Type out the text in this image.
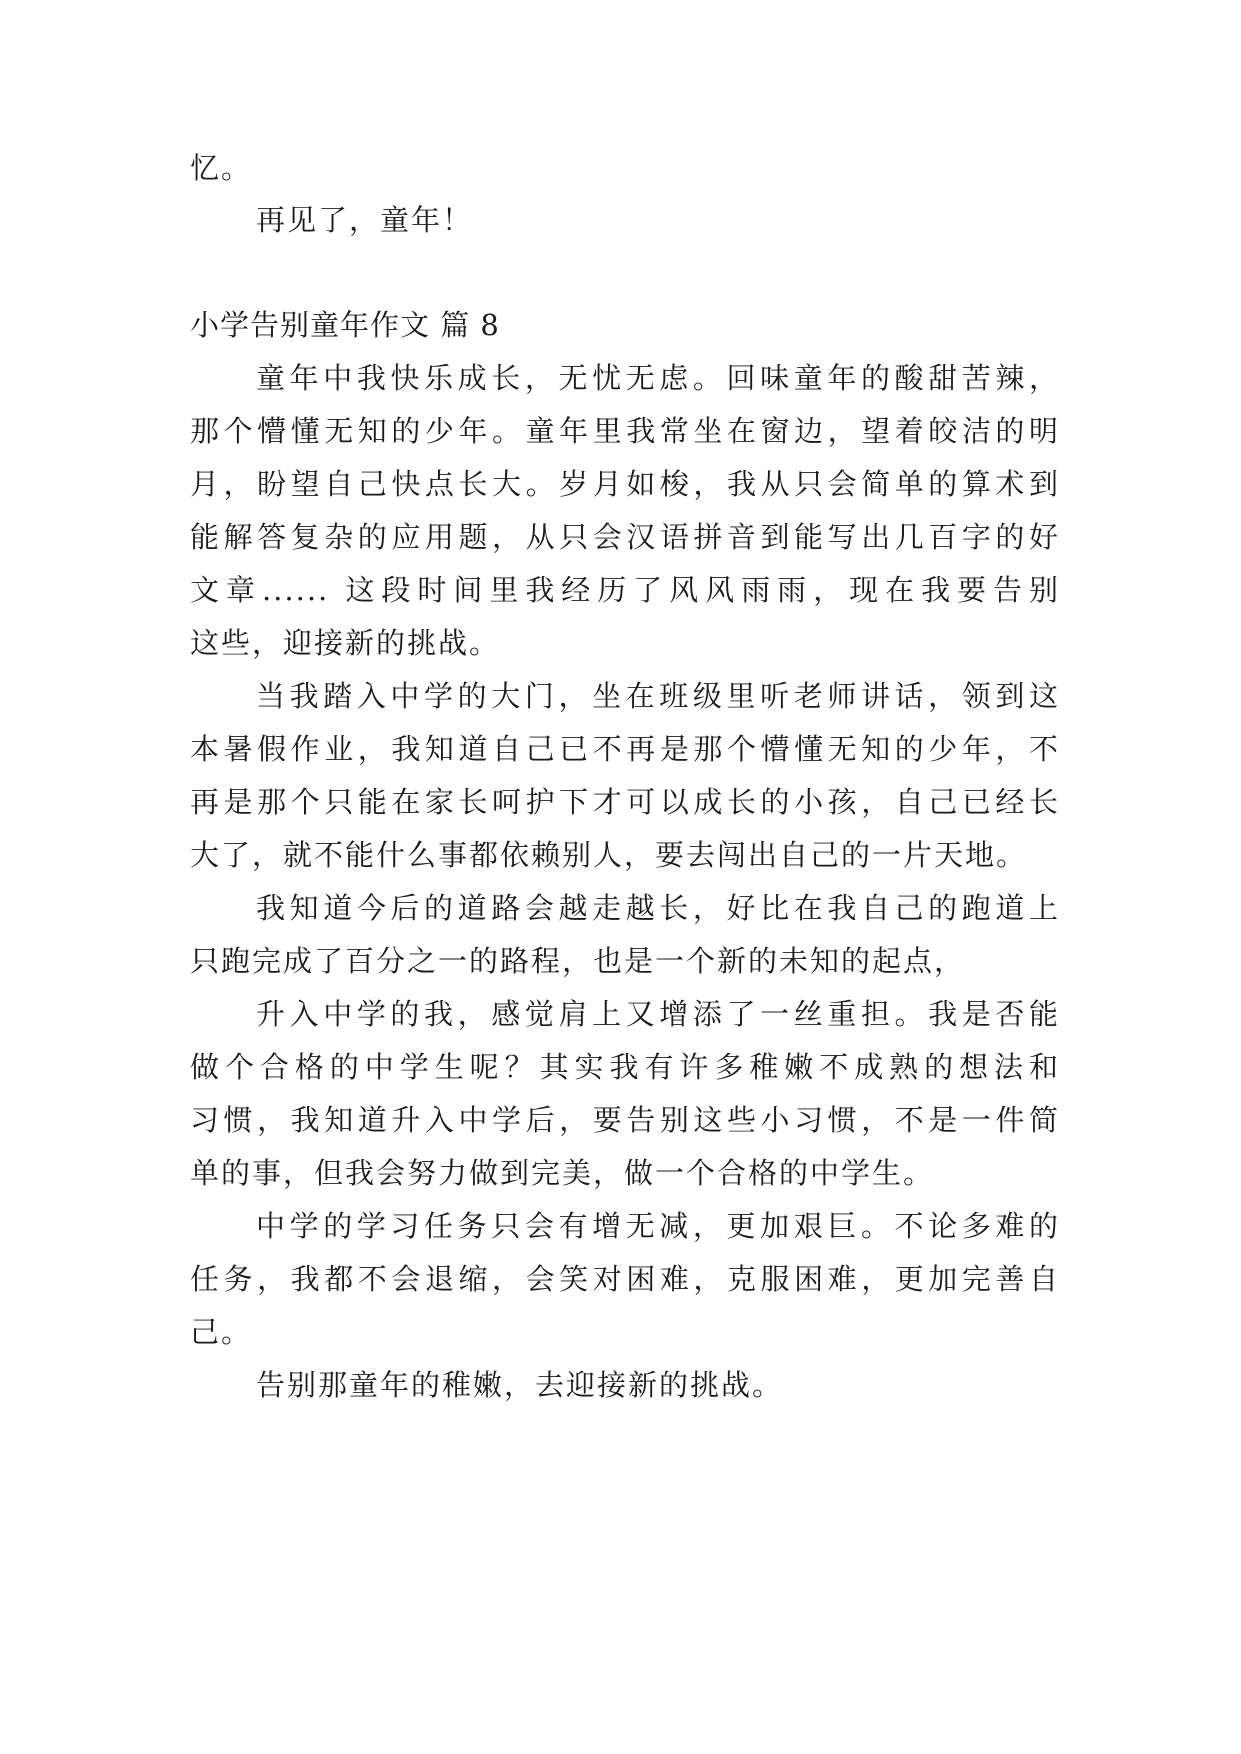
忆。
再见了，童年！
小学告别童年作文 篇 8
童年中我快乐成长，无忧无虑。回味童年的酸甜苦辣，
那个懵懂无知的少年。童年里我常坐在窗边，望着皎洁的明
月，盼望自己快点长大。岁月如梭，我从只会简单的算术到
能解答复杂的应用题，从只会汉语拼音到能写出几百字的好
文章...... 这段时间里我经历了风风雨雨，现在我要告别
这些，迎接新的挑战。
当我踏入中学的大门，坐在班级里听老师讲话，领到这
本暑假作业，我知道自己已不再是那个懵懂无知的少年，不
再是那个只能在家长呵护下才可以成长的小孩，自己已经长
大了，就不能什么事都依赖别人，要去闯出自己的一片天地。
我知道今后的道路会越走越长，好比在我自己的跑道上
只跑完成了百分之一的路程，也是一个新的未知的起点，
升入中学的我，感觉肩上又增添了一丝重担。我是否能
做个合格的中学生呢？其实我有许多稚嫩不成熟的想法和
习惯，我知道升入中学后，要告别这些小习惯，不是一件简
单的事，但我会努力做到完美，做一个合格的中学生。
中学的学习任务只会有增无减，更加艰巨。不论多难的
任务，我都不会退缩，会笑对困难，克服困难，更加完善自
己。
告别那童年的稚嫩，去迎接新的挑战。
